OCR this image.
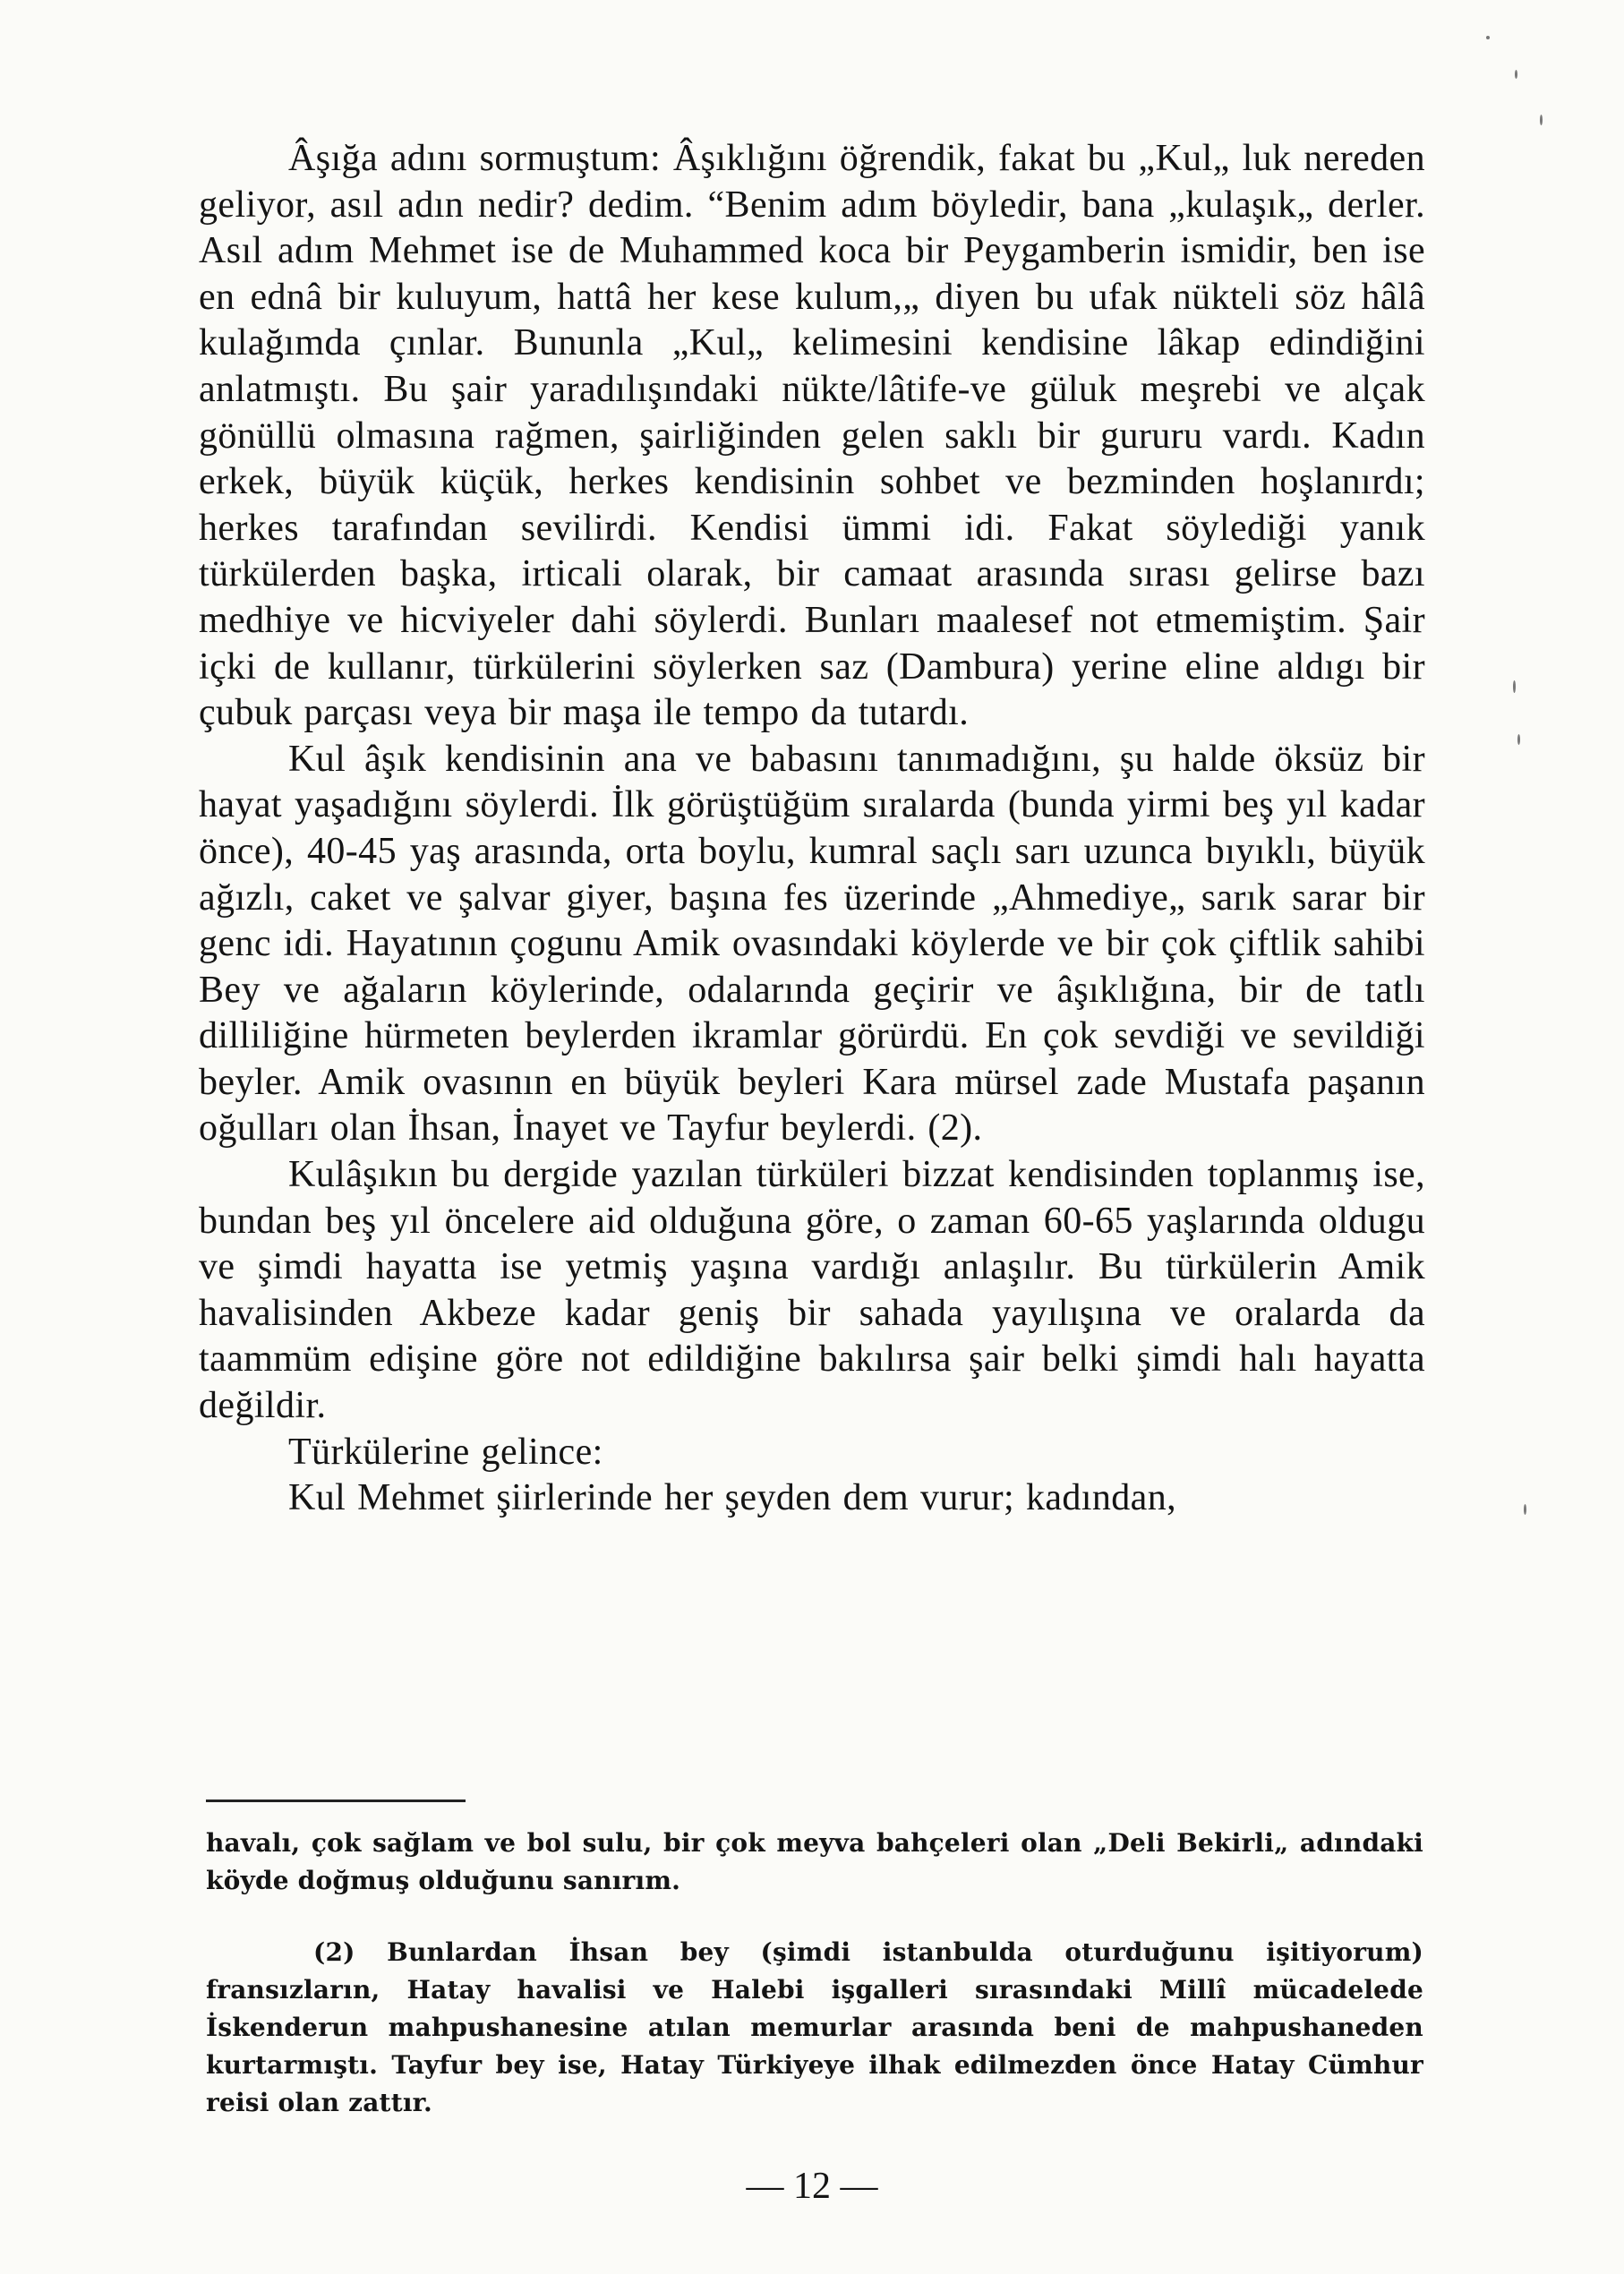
Âşığa adını sormuştum: Âşıklığını öğrendik, fakat bu „Kul„ luk nereden geliyor, asıl adın nedir? dedim. “Benim adım böyledir, bana „kulaşık„ derler. Asıl adım Mehmet ise de Muhammed koca bir Peygamberin ismidir, ben ise en ednâ bir kuluyum, hattâ her kese kulum,„ diyen bu ufak nükteli söz hâlâ kulağımda çınlar. Bununla „Kul„ kelimesini kendisine lâkap edindiğini anlatmıştı. Bu şair yaradılışındaki nükte/lâtife-ve güluk meşrebi ve alçak gönüllü olmasına rağmen, şairliğinden gelen saklı bir gururu vardı. Kadın erkek, büyük küçük, herkes kendisinin sohbet ve bezminden hoşlanırdı; herkes tarafından sevilirdi. Kendisi ümmi idi. Fakat söylediği yanık türkülerden başka, irticali olarak, bir camaat arasında sırası gelirse bazı medhiye ve hicviyeler dahi söylerdi. Bunları maalesef not etmemiştim. Şair içki de kullanır, türkülerini söylerken saz (Dambura) yerine eline aldıgı bir çubuk parçası veya bir maşa ile tempo da tutardı.

Kul âşık kendisinin ana ve babasını tanımadığını, şu halde öksüz bir hayat yaşadığını söylerdi. İlk görüştüğüm sıralarda (bunda yirmi beş yıl kadar önce), 40-45 yaş arasında, orta boylu, kumral saçlı sarı uzunca bıyıklı, büyük ağızlı, caket ve şalvar giyer, başına fes üzerinde „Ahmediye„ sarık sarar bir genc idi. Hayatının çogunu Amik ovasındaki köylerde ve bir çok çiftlik sahibi Bey ve ağaların köylerinde, odalarında geçirir ve âşıklığına, bir de tatlı dilliliğine hürmeten beylerden ikramlar görürdü. En çok sevdiği ve sevildiği beyler. Amik ovasının en büyük beyleri Kara mürsel zade Mustafa paşanın oğulları olan İhsan, İnayet ve Tayfur beylerdi. (2).

Kulâşıkın bu dergide yazılan türküleri bizzat kendisinden toplanmış ise, bundan beş yıl öncelere aid olduğuna göre, o zaman 60-65 yaşlarında oldugu ve şimdi hayatta ise yetmiş yaşına vardığı anlaşılır. Bu türkülerin Amik havalisinden Akbeze kadar geniş bir sahada yayılışına ve oralarda da taammüm edişine göre not edildiğine bakılırsa şair belki şimdi halı hayatta değildir.

Türkülerine gelince:

Kul Mehmet şiirlerinde her şeyden dem vurur; kadından,

havalı, çok sağlam ve bol sulu, bir çok meyva bahçeleri olan „Deli Bekirli„ adındaki köyde doğmuş olduğunu sanırım.

(2) Bunlardan İhsan bey (şimdi istanbulda oturduğunu işitiyorum) fransızların, Hatay havalisi ve Halebi işgalleri sırasındaki Millî mücadelede İskenderun mahpushanesine atılan memurlar arasında beni de mahpushaneden kurtarmıştı. Tayfur bey ise, Hatay Türkiyeye ilhak edilmezden önce Hatay Cümhur reisi olan zattır.

— 12 —
